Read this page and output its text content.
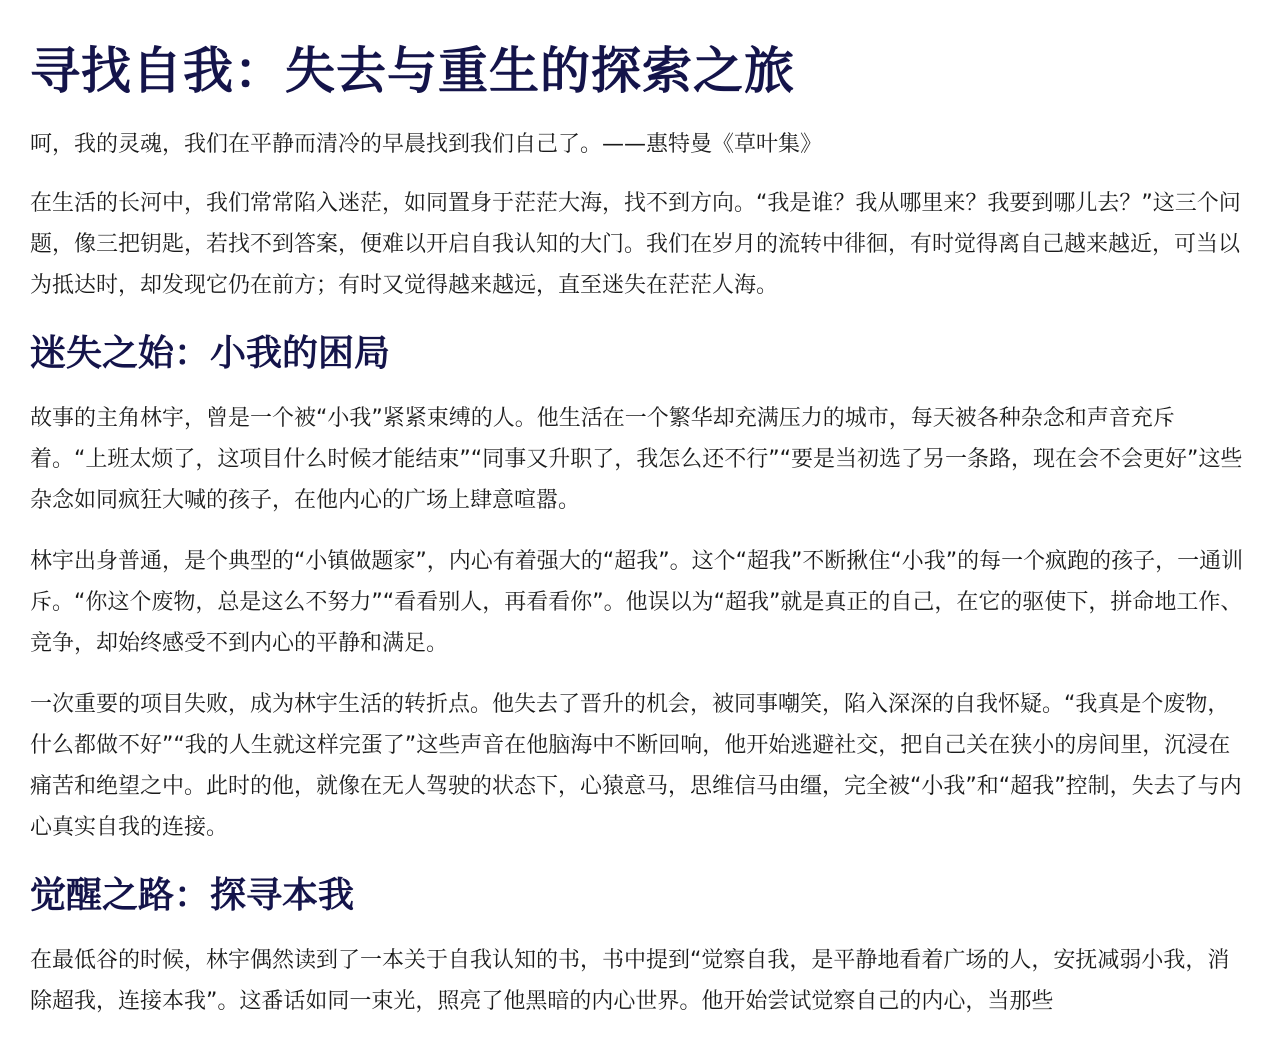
寻找自我：失去与重生的探索之旅

呵，我的灵魂，我们在平静而清冷的早晨找到我们自己了。——惠特曼《草叶集》

在生活的长河中，我们常常陷入迷茫，如同置身于茫茫大海，找不到方向。“我是谁？我从哪里来？我要到哪儿去？”这三个问题，像三把钥匙，若找不到答案，便难以开启自我认知的大门。我们在岁月的流转中徘徊，有时觉得离自己越来越近，可当以为抵达时，却发现它仍在前方；有时又觉得越来越远，直至迷失在茫茫人海。

迷失之始：小我的困局

故事的主角林宇，曾是一个被“小我”紧紧束缚的人。他生活在一个繁华却充满压力的城市，每天被各种杂念和声音充斥着。“上班太烦了，这项目什么时候才能结束”“同事又升职了，我怎么还不行”“要是当初选了另一条路，现在会不会更好”这些杂念如同疯狂大喊的孩子，在他内心的广场上肆意喧嚣。

林宇出身普通，是个典型的“小镇做题家”，内心有着强大的“超我”。这个“超我”不断揪住“小我”的每一个疯跑的孩子，一通训斥。“你这个废物，总是这么不努力”“看看别人，再看看你”。他误以为“超我”就是真正的自己，在它的驱使下，拼命地工作、竞争，却始终感受不到内心的平静和满足。

一次重要的项目失败，成为林宇生活的转折点。他失去了晋升的机会，被同事嘲笑，陷入深深的自我怀疑。“我真是个废物，什么都做不好”“我的人生就这样完蛋了”这些声音在他脑海中不断回响，他开始逃避社交，把自己关在狭小的房间里，沉浸在痛苦和绝望之中。此时的他，就像在无人驾驶的状态下，心猿意马，思维信马由缰，完全被“小我”和“超我”控制，失去了与内心真实自我的连接。

觉醒之路：探寻本我

在最低谷的时候，林宇偶然读到了一本关于自我认知的书，书中提到“觉察自我，是平静地看着广场的人，安抚减弱小我，消除超我，连接本我”。这番话如同一束光，照亮了他黑暗的内心世界。他开始尝试觉察自己的内心，当那些
